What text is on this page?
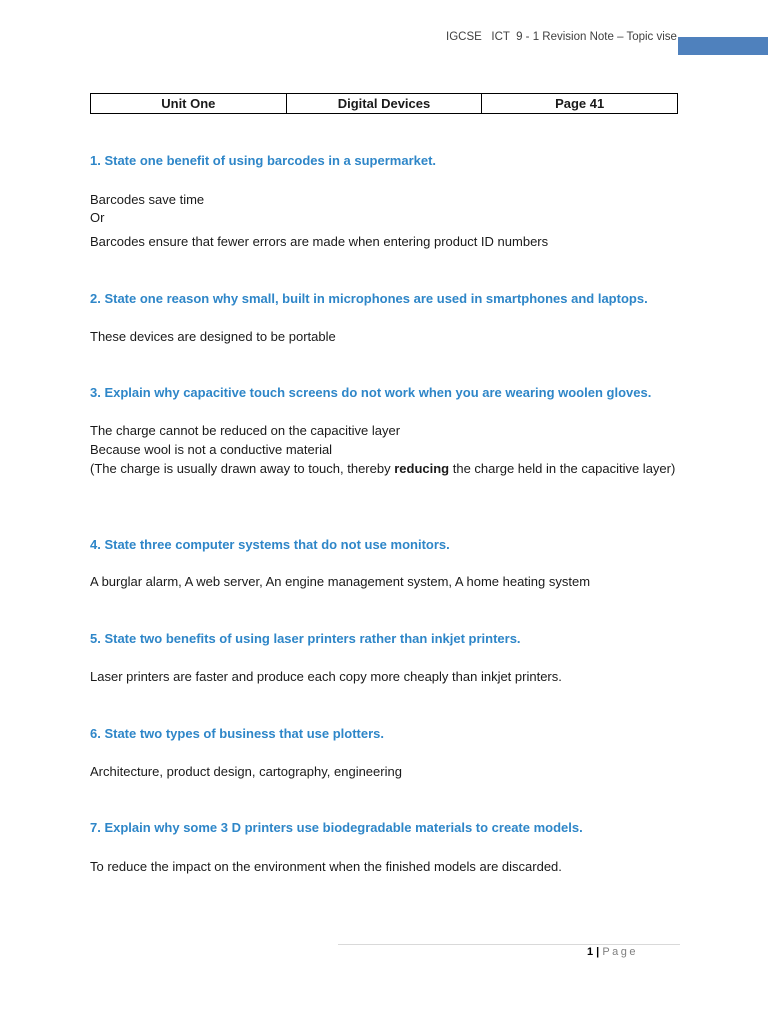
IGCSE   ICT  9 - 1 Revision Note – Topic vise
Unit One	Digital Devices	Page 41
1. State one benefit of using barcodes in a supermarket.
Barcodes save time
Or
Barcodes ensure that fewer errors are made when entering product ID numbers
2. State one reason why small, built in microphones are used in smartphones and laptops.
These devices are designed to be portable
3. Explain why capacitive touch screens do not work when you are wearing woolen gloves.
The charge cannot be reduced on the capacitive layer
Because wool is not a conductive material
(The charge is usually drawn away to touch, thereby reducing the charge held in the capacitive layer)
4. State three computer systems that do not use monitors.
A burglar alarm, A web server, An engine management system, A home heating system
5. State two benefits of using laser printers rather than inkjet printers.
Laser printers are faster and produce each copy more cheaply than inkjet printers.
6. State two types of business that use plotters.
Architecture, product design, cartography, engineering
7. Explain why some 3 D printers use biodegradable materials to create models.
To reduce the impact on the environment when the finished models are discarded.
1 | Page
